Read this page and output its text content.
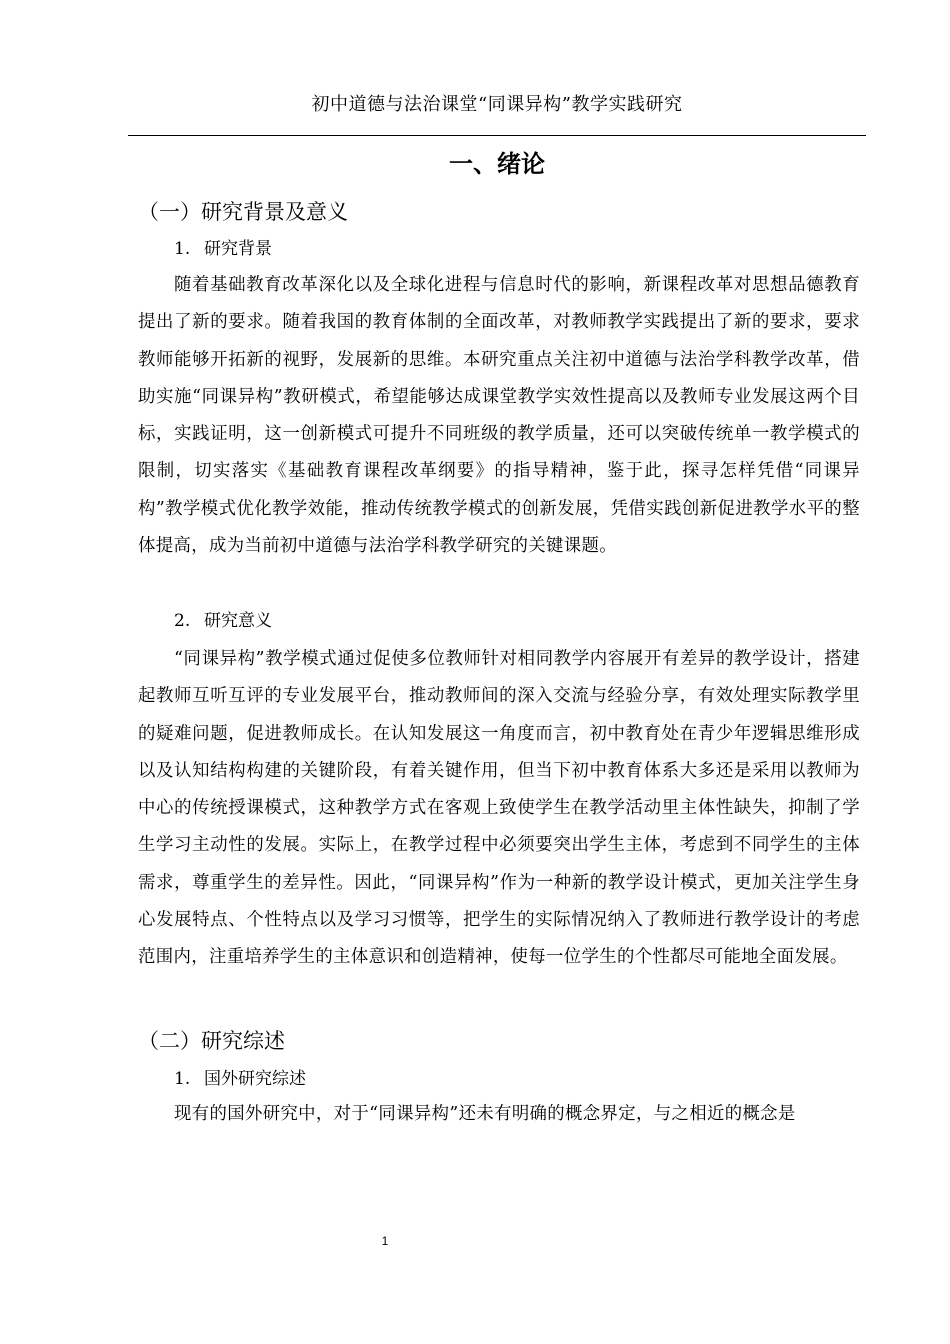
初中道德与法治课堂“同课异构”教学实践研究
一、绪论
（一）研究背景及意义
1. 研究背景
随着基础教育改革深化以及全球化进程与信息时代的影响，新课程改革对思想品德教育提出了新的要求。随着我国的教育体制的全面改革，对教师教学实践提出了新的要求，要求教师能够开拓新的视野，发展新的思维。本研究重点关注初中道德与法治学科教学改革，借助实施“同课异构”教研模式，希望能够达成课堂教学实效性提高以及教师专业发展这两个目标，实践证明，这一创新模式可提升不同班级的教学质量，还可以突破传统单一教学模式的限制，切实落实《基础教育课程改革纲要》的指导精神，鉴于此，探寻怎样凭借“同课异构”教学模式优化教学效能，推动传统教学模式的创新发展，凭借实践创新促进教学水平的整体提高，成为当前初中道德与法治学科教学研究的关键课题。
2. 研究意义
“同课异构”教学模式通过促使多位教师针对相同教学内容展开有差异的教学设计，搭建起教师互听互评的专业发展平台，推动教师间的深入交流与经验分享，有效处理实际教学里的疑难问题，促进教师成长。在认知发展这一角度而言，初中教育处在青少年逻辑思维形成以及认知结构构建的关键阶段，有着关键作用，但当下初中教育体系大多还是采用以教师为中心的传统授课模式，这种教学方式在客观上致使学生在教学活动里主体性缺失，抑制了学生学习主动性的发展。实际上，在教学过程中必须要突出学生主体，考虑到不同学生的主体需求，尊重学生的差异性。因此，“同课异构”作为一种新的教学设计模式，更加关注学生身心发展特点、个性特点以及学习习惯等，把学生的实际情况纳入了教师进行教学设计的考虑范围内，注重培养学生的主体意识和创造精神，使每一位学生的个性都尽可能地全面发展。
（二）研究综述
1. 国外研究综述
现有的国外研究中，对于“同课异构”还未有明确的概念界定，与之相近的概念是
1
